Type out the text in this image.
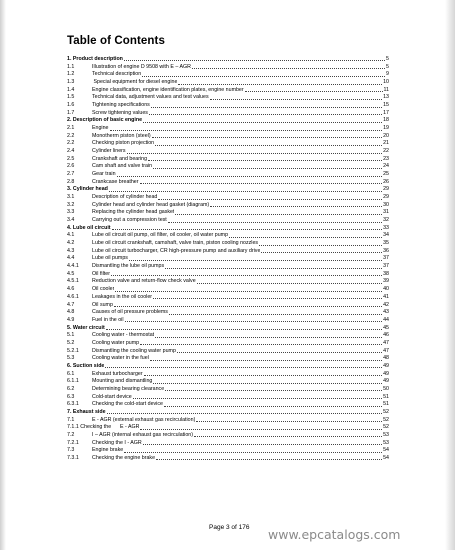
Table of Contents
1. Product description	5
1.1	Illustration of engine D 9508 with E – AGR	5
1.2	Technical description	9
1.3	Special equipment for diesel engine	10
1.4	Engine classification, engine identification plates, engine number	11
1.5	Technical data, adjustment values and test values	13
1.6	Tightening specifications	15
1.7	Screw tightening values	17
2. Description of basic engine	18
2.1	Engine	19
2.2	Monotherm piston (steel)	20
2.2	Checking piston projection	21
2.4	Cylinder liners	22
2.5	Crankshaft and bearing	23
2.6	Cam shaft and valve train	24
2.7	Gear train	25
2.8	Crankcase breather	26
3. Cylinder head	29
3.1	Description of cylinder head	29
3.2	Cylinder head and cylinder head gasket (diagram)	30
3.3	Replacing the cylinder head gasket	31
3.4	Carrying out a compression test	32
4. Lube oil circuit	33
4.1	Lube oil circuit oil pump, oil filter, oil cooler, oil water pump	34
4.2	Lube oil circuit crankshaft, camshaft, valve train, piston cooling nozzles	35
4.3	Lube oil circuit turbocharger, CR high-pressure pump and auxiliary drive	36
4.4	Lube oil pumps	37
4.4.1	Dismantling the lube oil pumps	37
4.5	Oil filter	38
4.5.1	Reduction valve and return-flow check valve	39
4.6	Oil cooler	40
4.6.1	Leakages in the oil cooler	41
4.7	Oil sump	42
4.8	Causes of oil pressure problems	43
4.9	Fuel in the oil	44
5. Water circuit	45
5.1	Cooling water - thermostat	46
5.2	Cooling water pump	47
5.2.1	Dismantling the cooling water pump	47
5.3	Cooling water in the fuel	48
6. Suction side	49
6.1	Exhaust turbocharger	49
6.1.1	Mounting and dismantling	49
6.2	Determining bearing clearance	50
6.3	Cold-start device	51
6.3.1	Checking the cold-start device	51
7. Exhaust side	52
7.1	E - AGR (external exhaust gas recirculation)	52
7.1.1 Checking the      E - AGR	52
7.2	I – AGR (internal exhaust gas recirculation)	53
7.2.1	Checking the I - AGR	53
7.3	Engine brake	54
7.3.1	Checking the engine brake	54
Page 3 of 176 www.epcatalogs.com
